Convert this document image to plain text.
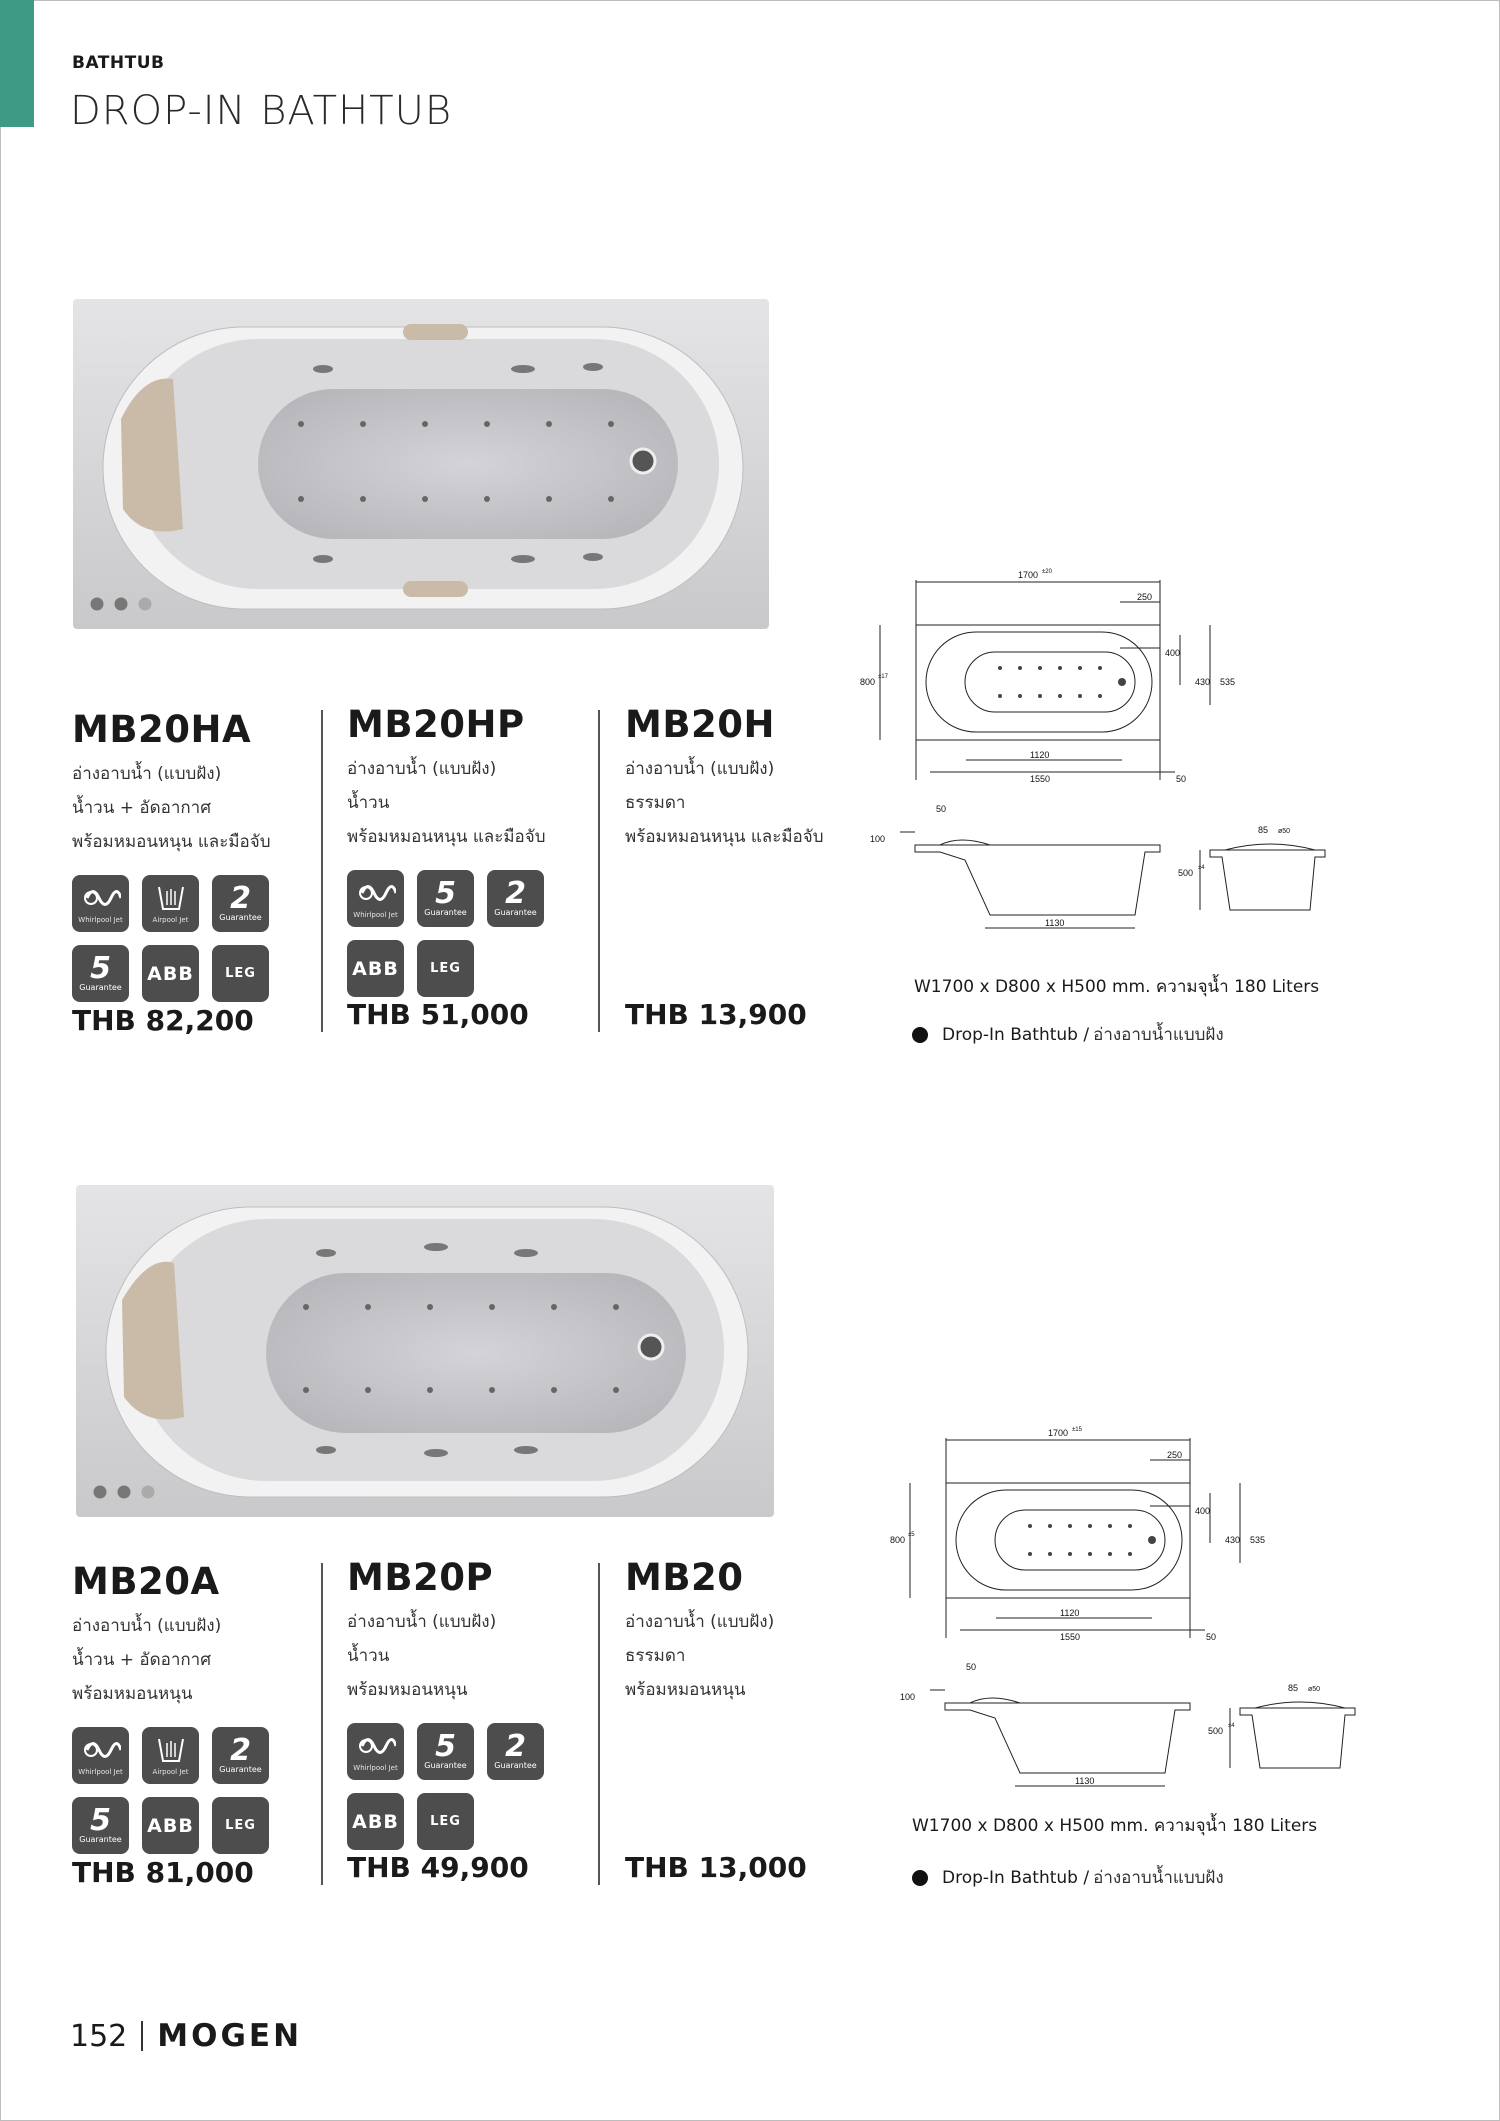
BATHTUB
DROP-IN BATHTUB
MB20HA
อ่างอาบน้ำ (แบบฝัง)
น้ำวน + อัดอากาศ
พร้อมหมอนหนุน และมือจับ
Whirlpool Jet	Airpool Jet
2
Guarantee
5
Guarantee
ABB LEG
THB 82,200
MB20HP
อ่างอาบน้ำ (แบบฝัง)
น้ำวน
พร้อมหมอนหนุน และมือจับ
Whirlpool Jet
5
Guarantee
2
Guarantee
ABB LEG
THB 51,000
MB20H
อ่างอาบน้ำ (แบบฝัง)
ธรรมดา
พร้อมหมอนหนุน และมือจับ
THB 13,900
1700 ±20
250
800 ±17
400
430 535
1120
1550	50
50
100
1130
500 ±4
85 ø50
W1700 x D800 x H500 mm. ความจุน้ำ 180 Liters
Drop-In Bathtub / อ่างอาบน้ำแบบฝัง
MB20A
อ่างอาบน้ำ (แบบฝัง)
น้ำวน + อัดอากาศ
พร้อมหมอนหนุน
Whirlpool Jet	Airpool Jet
2
Guarantee
5
Guarantee
ABB LEG
THB 81,000
MB20P
อ่างอาบน้ำ (แบบฝัง)
น้ำวน
พร้อมหมอนหนุน
Whirlpool Jet
5
Guarantee
2
Guarantee
ABB LEG
THB 49,900
MB20
อ่างอาบน้ำ (แบบฝัง)
ธรรมดา
พร้อมหมอนหนุน
THB 13,000
1700 ±15
250
800 ±5
400
430 535
1120
1550	50
50
100
1130
500 ±4
85 ø50
W1700 x D800 x H500 mm. ความจุน้ำ 180 Liters
Drop-In Bathtub / อ่างอาบน้ำแบบฝัง
152 MOGEN
